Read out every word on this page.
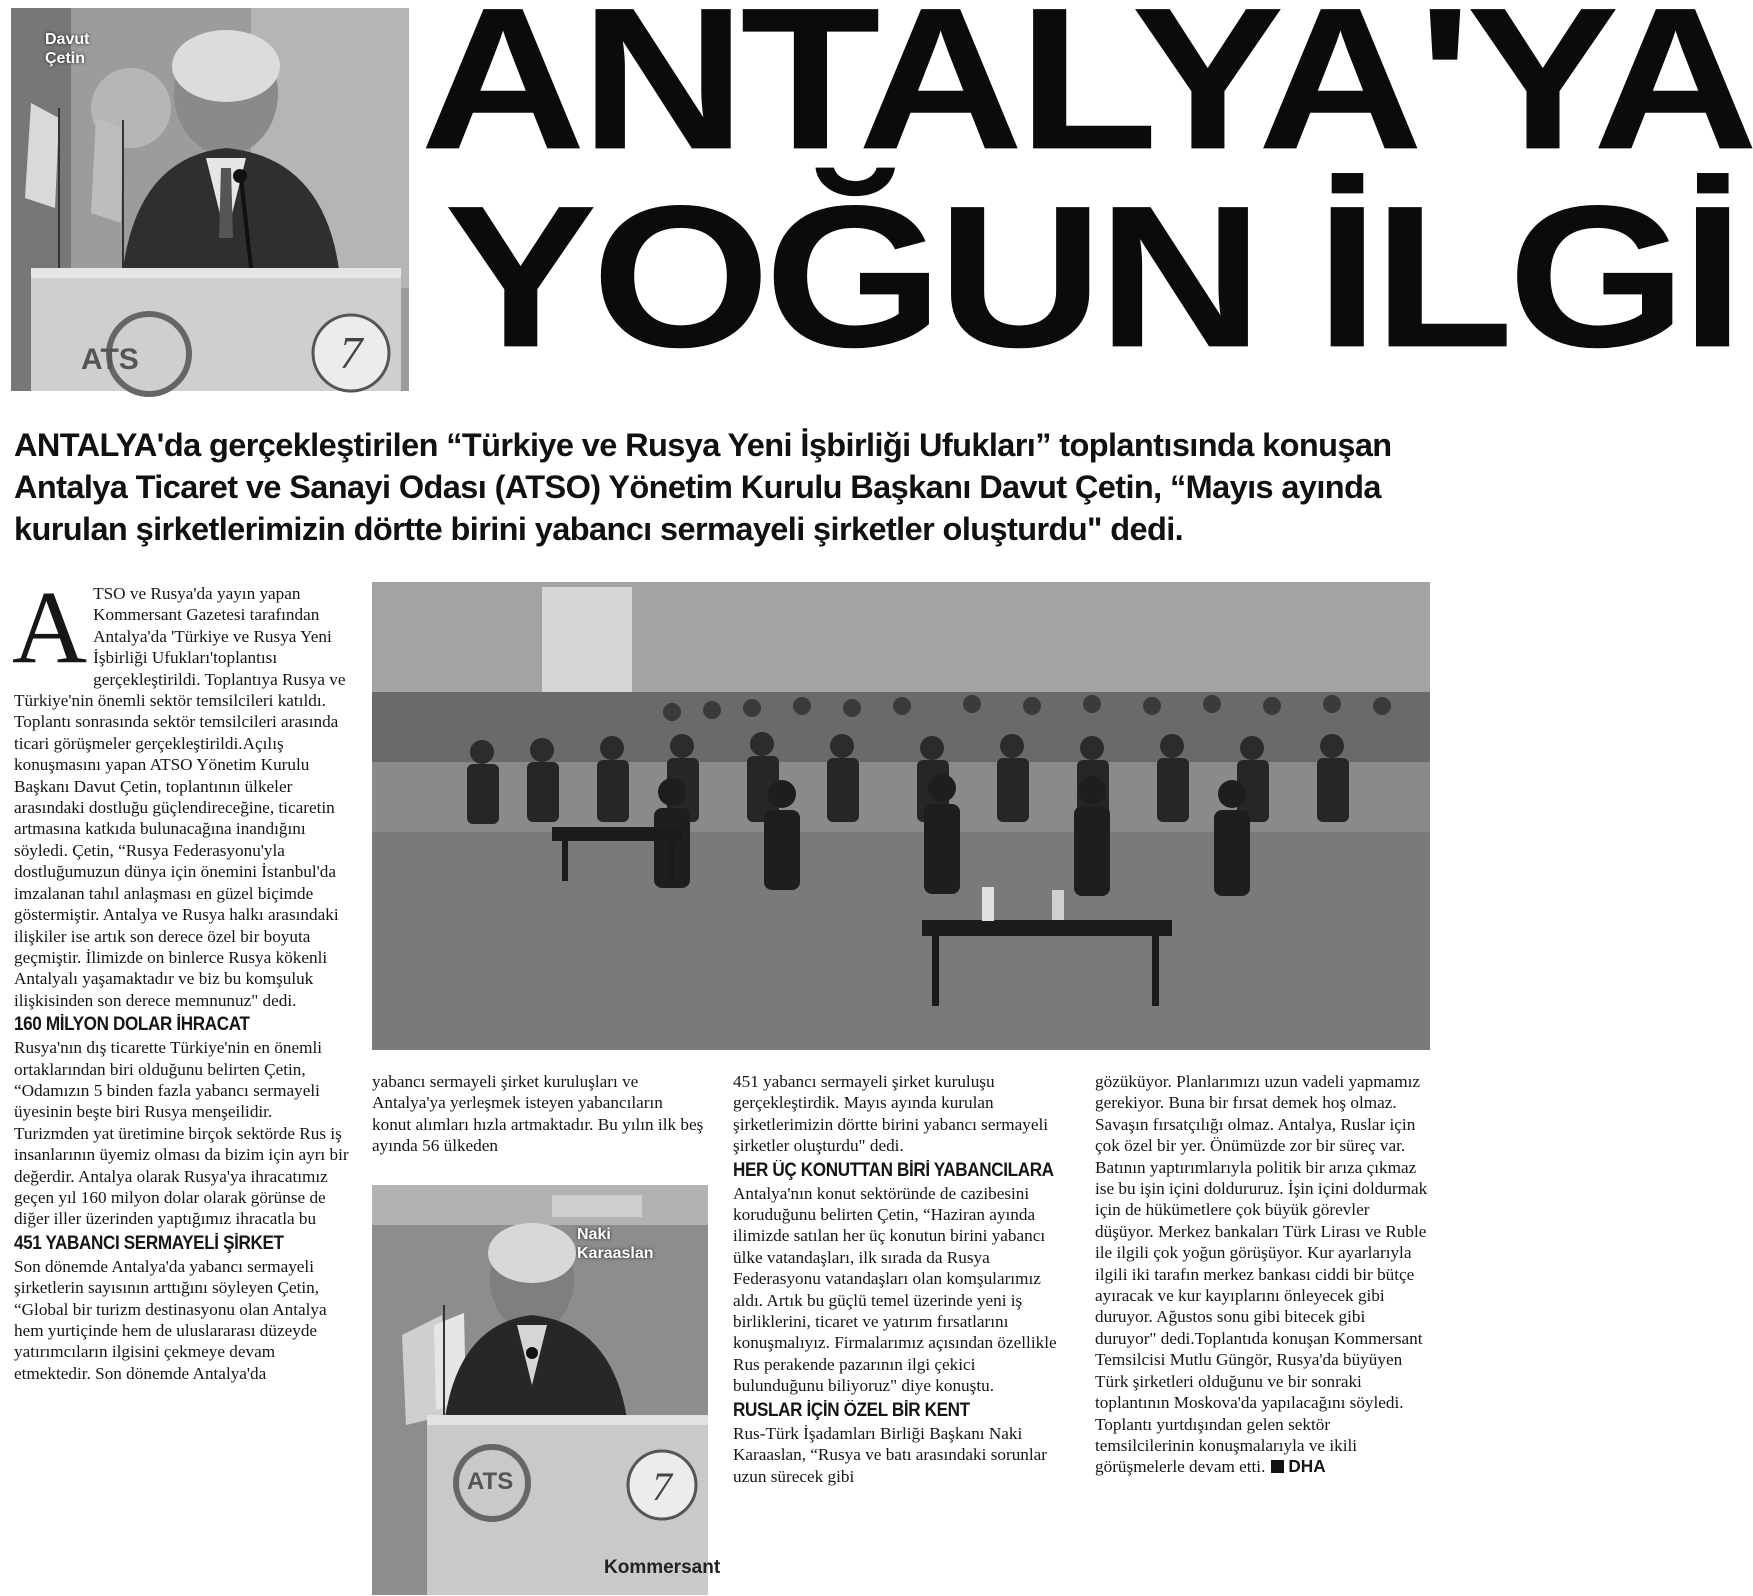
7
Davut
Çetin
ATS
ANTALYA'YA
YOĞUN İLGİ

ANTALYA'da gerçekleştirilen “Türkiye ve Rusya Yeni İşbirliği Ufukları” toplantısında konuşan Antalya Ticaret ve Sanayi Odası (ATSO) Yönetim Kurulu Başkanı Davut Çetin, “Mayıs ayında kurulan şirketlerimizin dörtte birini yabancı sermayeli şirketler oluşturdu" dedi.

7
Naki
Karaaslan
ATS
Kommersant

A TSO ve Rusya'da yayın yapan Kommersant Gazetesi tarafından Antalya'da 'Türkiye ve Rusya Yeni İşbirliği Ufukları'toplantısı gerçekleştirildi. Toplantıya Rusya ve Türkiye'nin önemli sektör temsilcileri katıldı. Toplantı sonrasında sektör temsilcileri arasında ticari görüşmeler gerçekleştirildi.Açılış konuşmasını yapan ATSO Yönetim Kurulu Başkanı Davut Çetin, toplantının ülkeler arasındaki dostluğu güçlendireceğine, ticaretin artmasına katkıda bulunacağına inandığını söyledi. Çetin, “Rusya Federasyonu'yla dostluğumuzun dünya için önemini İstanbul'da imzalanan tahıl anlaşması en güzel biçimde göstermiştir. Antalya ve Rusya halkı arasındaki ilişkiler ise artık son derece özel bir boyuta geçmiştir. İlimizde on binlerce Rusya kökenli Antalyalı yaşamaktadır ve biz bu komşuluk ilişkisinden son derece memnunuz" dedi.

160 MİLYON DOLAR İHRACAT

Rusya'nın dış ticarette Türkiye'nin en önemli ortaklarından biri olduğunu belirten Çetin, “Odamızın 5 binden fazla yabancı sermayeli üyesinin beşte biri Rusya menşeilidir. Turizmden yat üretimine birçok sektörde Rus iş insanlarının üyemiz olması da bizim için ayrı bir değerdir. Antalya olarak Rusya'ya ihracatımız geçen yıl 160 milyon dolar olarak görünse de diğer iller üzerinden yaptığımız ihracatla bu

451 YABANCI SERMAYELİ ŞİRKET

Son dönemde Antalya'da yabancı sermayeli şirketlerin sayısının arttığını söyleyen Çetin, “Global bir turizm destinasyonu olan Antalya hem yurtiçinde hem de uluslararası düzeyde yatırımcıların ilgisini çekmeye devam etmektedir. Son dönemde Antalya'da

yabancı sermayeli şirket kuruluşları ve Antalya'ya yerleşmek isteyen yabancıların konut alımları hızla artmaktadır. Bu yılın ilk beş ayında 56 ülkeden

451 yabancı sermayeli şirket kuruluşu gerçekleştirdik. Mayıs ayında kurulan şirketlerimizin dörtte birini yabancı sermayeli şirketler oluşturdu" dedi.

HER ÜÇ KONUTTAN BİRİ YABANCILARA

Antalya'nın konut sektöründe de cazibesini koruduğunu belirten Çetin, “Haziran ayında ilimizde satılan her üç konutun birini yabancı ülke vatandaşları, ilk sırada da Rusya Federasyonu vatandaşları olan komşularımız aldı. Artık bu güçlü temel üzerinde yeni iş birliklerini, ticaret ve yatırım fırsatlarını konuşmalıyız. Firmalarımız açısından özellikle Rus perakende pazarının ilgi çekici bulunduğunu biliyoruz" diye konuştu.

RUSLAR İÇİN ÖZEL BİR KENT

Rus-Türk İşadamları Birliği Başkanı Naki Karaaslan, “Rusya ve batı arasındaki sorunlar uzun sürecek gibi

gözüküyor. Planlarımızı uzun vadeli yapmamız gerekiyor. Buna bir fırsat demek hoş olmaz. Savaşın fırsatçılığı olmaz. Antalya, Ruslar için çok özel bir yer. Önümüzde zor bir süreç var. Batının yaptırımlarıyla politik bir arıza çıkmaz ise bu işin içini doldururuz. İşin içini doldurmak için de hükümetlere çok büyük görevler düşüyor. Merkez bankaları Türk Lirası ve Ruble ile ilgili çok yoğun görüşüyor. Kur ayarlarıyla ilgili iki tarafın merkez bankası ciddi bir bütçe ayıracak ve kur kayıplarını önleyecek gibi duruyor. Ağustos sonu gibi bitecek gibi duruyor" dedi.Toplantıda konuşan Kommersant Temsilcisi Mutlu Güngör, Rusya'da büyüyen Türk şirketleri olduğunu ve bir sonraki toplantının Moskova'da yapılacağını söyledi. Toplantı yurtdışından gelen sektör temsilcilerinin konuşmalarıyla ve ikili görüşmelerle devam etti. DHA
